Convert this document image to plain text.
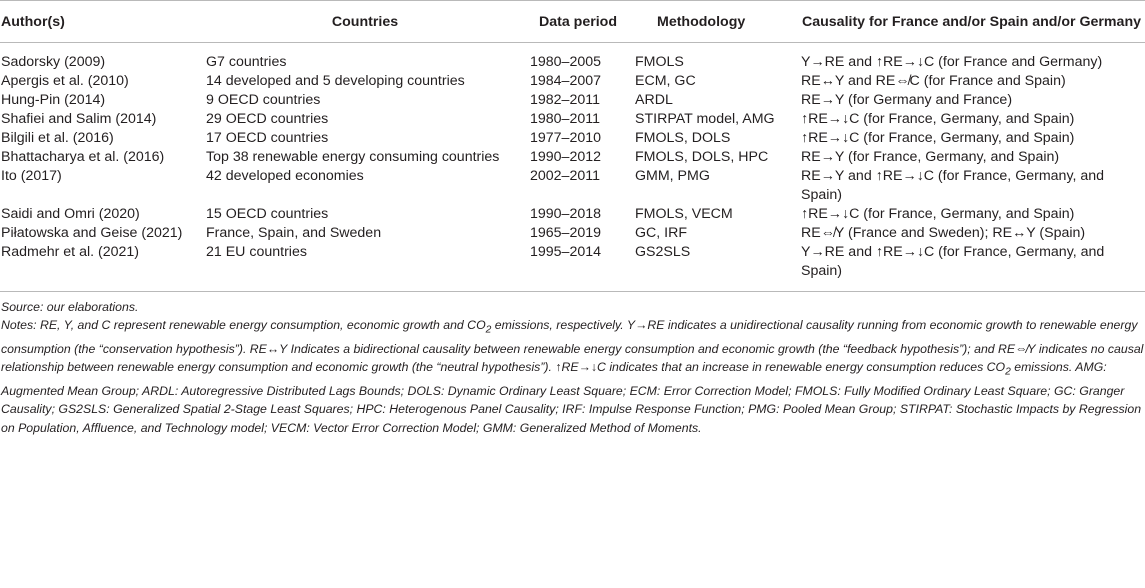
Author(s)	Countries	Data period	Methodology	Causality for France and/or Spain and/or Germany
Sadorsky (2009)	G7 countries	1980–2005	FMOLS	Y→RE and ↑RE→↓C (for France and Germany)
Apergis et al. (2010)	14 developed and 5 developing countries	1984–2007	ECM, GC	RE↔Y and RE⇎C (for France and Spain)
Hung-Pin (2014)	9 OECD countries	1982–2011	ARDL	RE→Y (for Germany and France)
Shafiei and Salim (2014)	29 OECD countries	1980–2011	STIRPAT model, AMG	↑RE→↓C (for France, Germany, and Spain)
Bilgili et al. (2016)	17 OECD countries	1977–2010	FMOLS, DOLS	↑RE→↓C (for France, Germany, and Spain)
Bhattacharya et al. (2016)	Top 38 renewable energy consuming countries	1990–2012	FMOLS, DOLS, HPC	RE→Y (for France, Germany, and Spain)
Ito (2017)	42 developed economies	2002–2011	GMM, PMG	RE→Y and ↑RE→↓C (for France, Germany, and Spain)
Saidi and Omri (2020)	15 OECD countries	1990–2018	FMOLS, VECM	↑RE→↓C (for France, Germany, and Spain)
Piłatowska and Geise (2021)	France, Spain, and Sweden	1965–2019	GC, IRF	RE⇎Y (France and Sweden); RE↔Y (Spain)
Radmehr et al. (2021)	21 EU countries	1995–2014	GS2SLS	Y→RE and ↑RE→↓C (for France, Germany, and Spain)

Source: our elaborations.

Notes: RE, Y, and C represent renewable energy consumption, economic growth and $CO_2$ emissions, respectively. Y→RE indicates a unidirectional causality running from economic growth to renewable energy consumption (the “conservation hypothesis”). RE↔Y Indicates a bidirectional causality between renewable energy consumption and economic growth (the “feedback hypothesis”); and RE⇎Y indicates no causal relationship between renewable energy consumption and economic growth (the “neutral hypothesis”). ↑RE→↓C indicates that an increase in renewable energy consumption reduces $CO_2$ emissions. AMG: Augmented Mean Group; ARDL: Autoregressive Distributed Lags Bounds; DOLS: Dynamic Ordinary Least Square; ECM: Error Correction Model; FMOLS: Fully Modified Ordinary Least Square; GC: Granger Causality; GS2SLS: Generalized Spatial 2-Stage Least Squares; HPC: Heterogenous Panel Causality; IRF: Impulse Response Function; PMG: Pooled Mean Group; STIRPAT: Stochastic Impacts by Regression on Population, Affluence, and Technology model; VECM: Vector Error Correction Model; GMM: Generalized Method of Moments.
